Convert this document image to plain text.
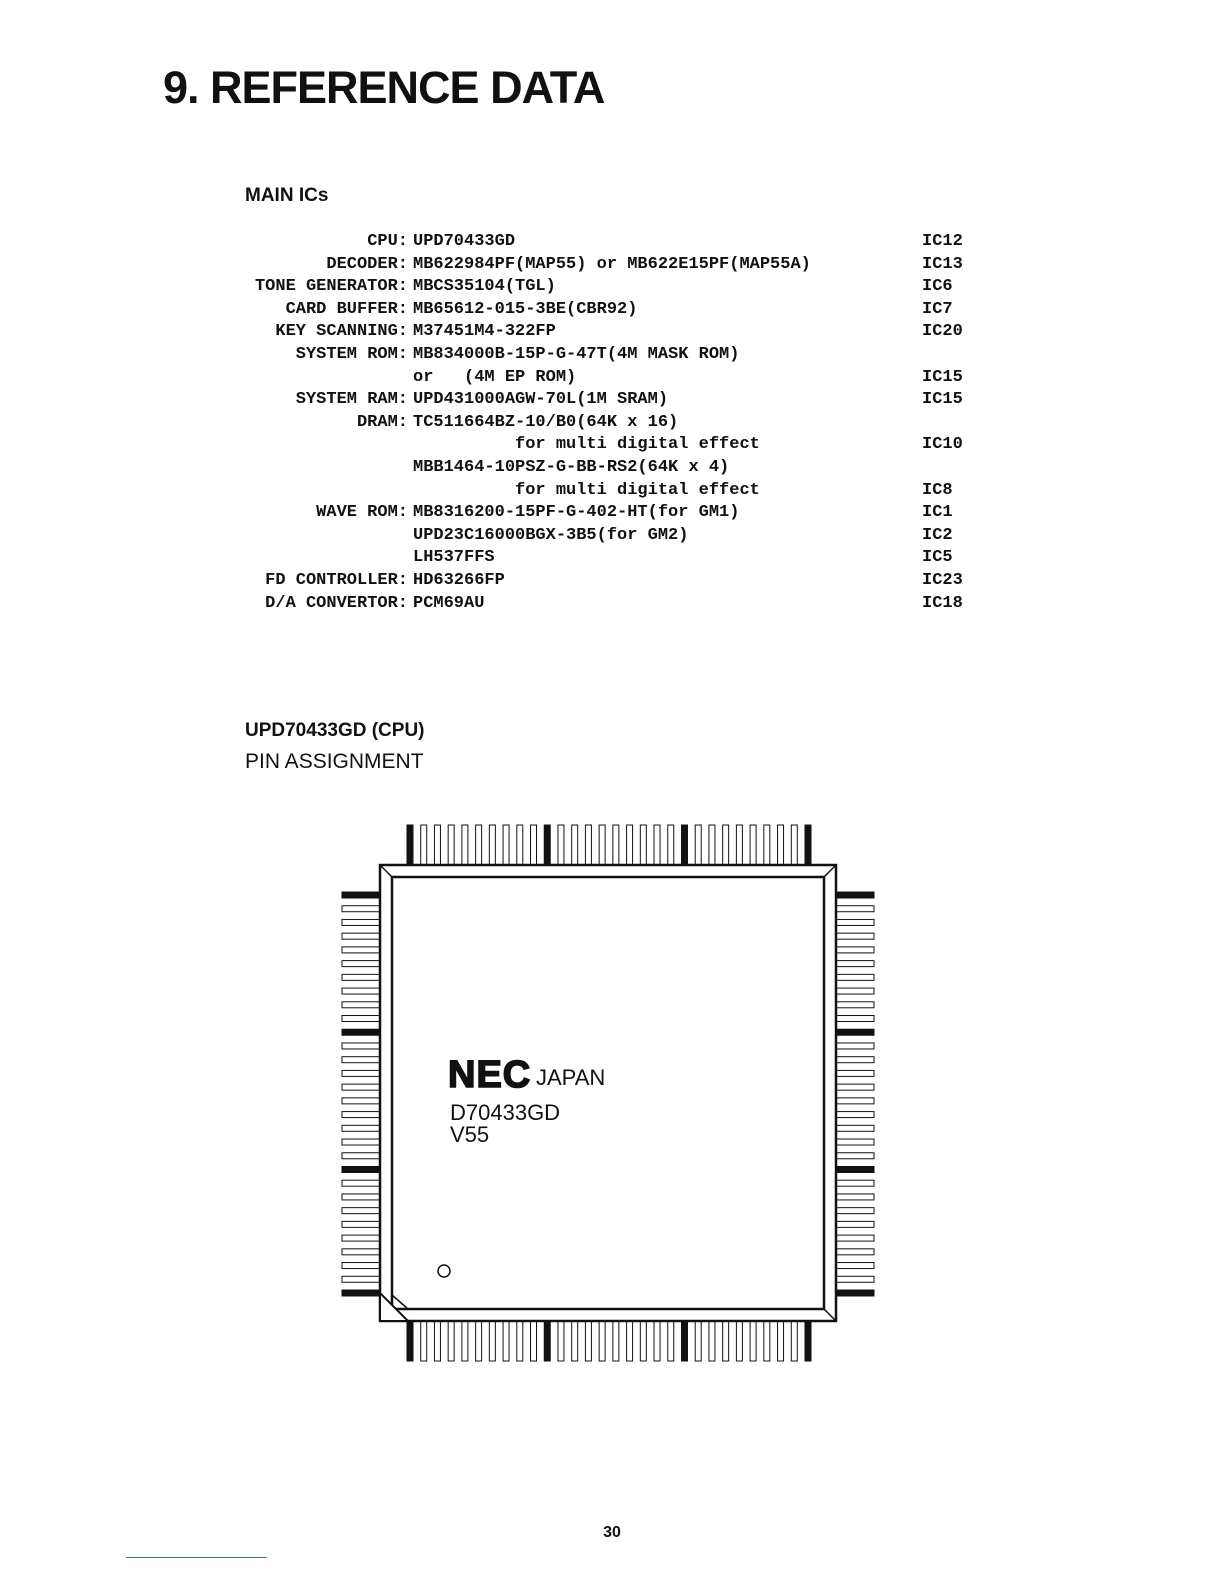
9. REFERENCE DATA
MAIN ICs
CPU: UPD70433GD	IC12
DECODER: MB622984PF(MAP55) or MB622E15PF(MAP55A)	IC13
TONE GENERATOR: MBCS35104(TGL)	IC6
CARD BUFFER: MB65612-015-3BE(CBR92)	IC7
KEY SCANNING: M37451M4-322FP	IC20
SYSTEM ROM: MB834000B-15P-G-47T(4M MASK ROM)
or   (4M EP ROM)	IC15
SYSTEM RAM: UPD431000AGW-70L(1M SRAM)	IC15
DRAM: TC511664BZ-10/B0(64K x 16)
for multi digital effect	IC10
MBB1464-10PSZ-G-BB-RS2(64K x 4)
for multi digital effect	IC8
WAVE ROM: MB8316200-15PF-G-402-HT(for GM1)	IC1
UPD23C16000BGX-3B5(for GM2)	IC2
LH537FFS	IC5
FD CONTROLLER: HD63266FP	IC23
D/A CONVERTOR: PCM69AU	IC18
UPD70433GD (CPU)
PIN ASSIGNMENT
NEC JAPAN
D70433GD
V55
30
